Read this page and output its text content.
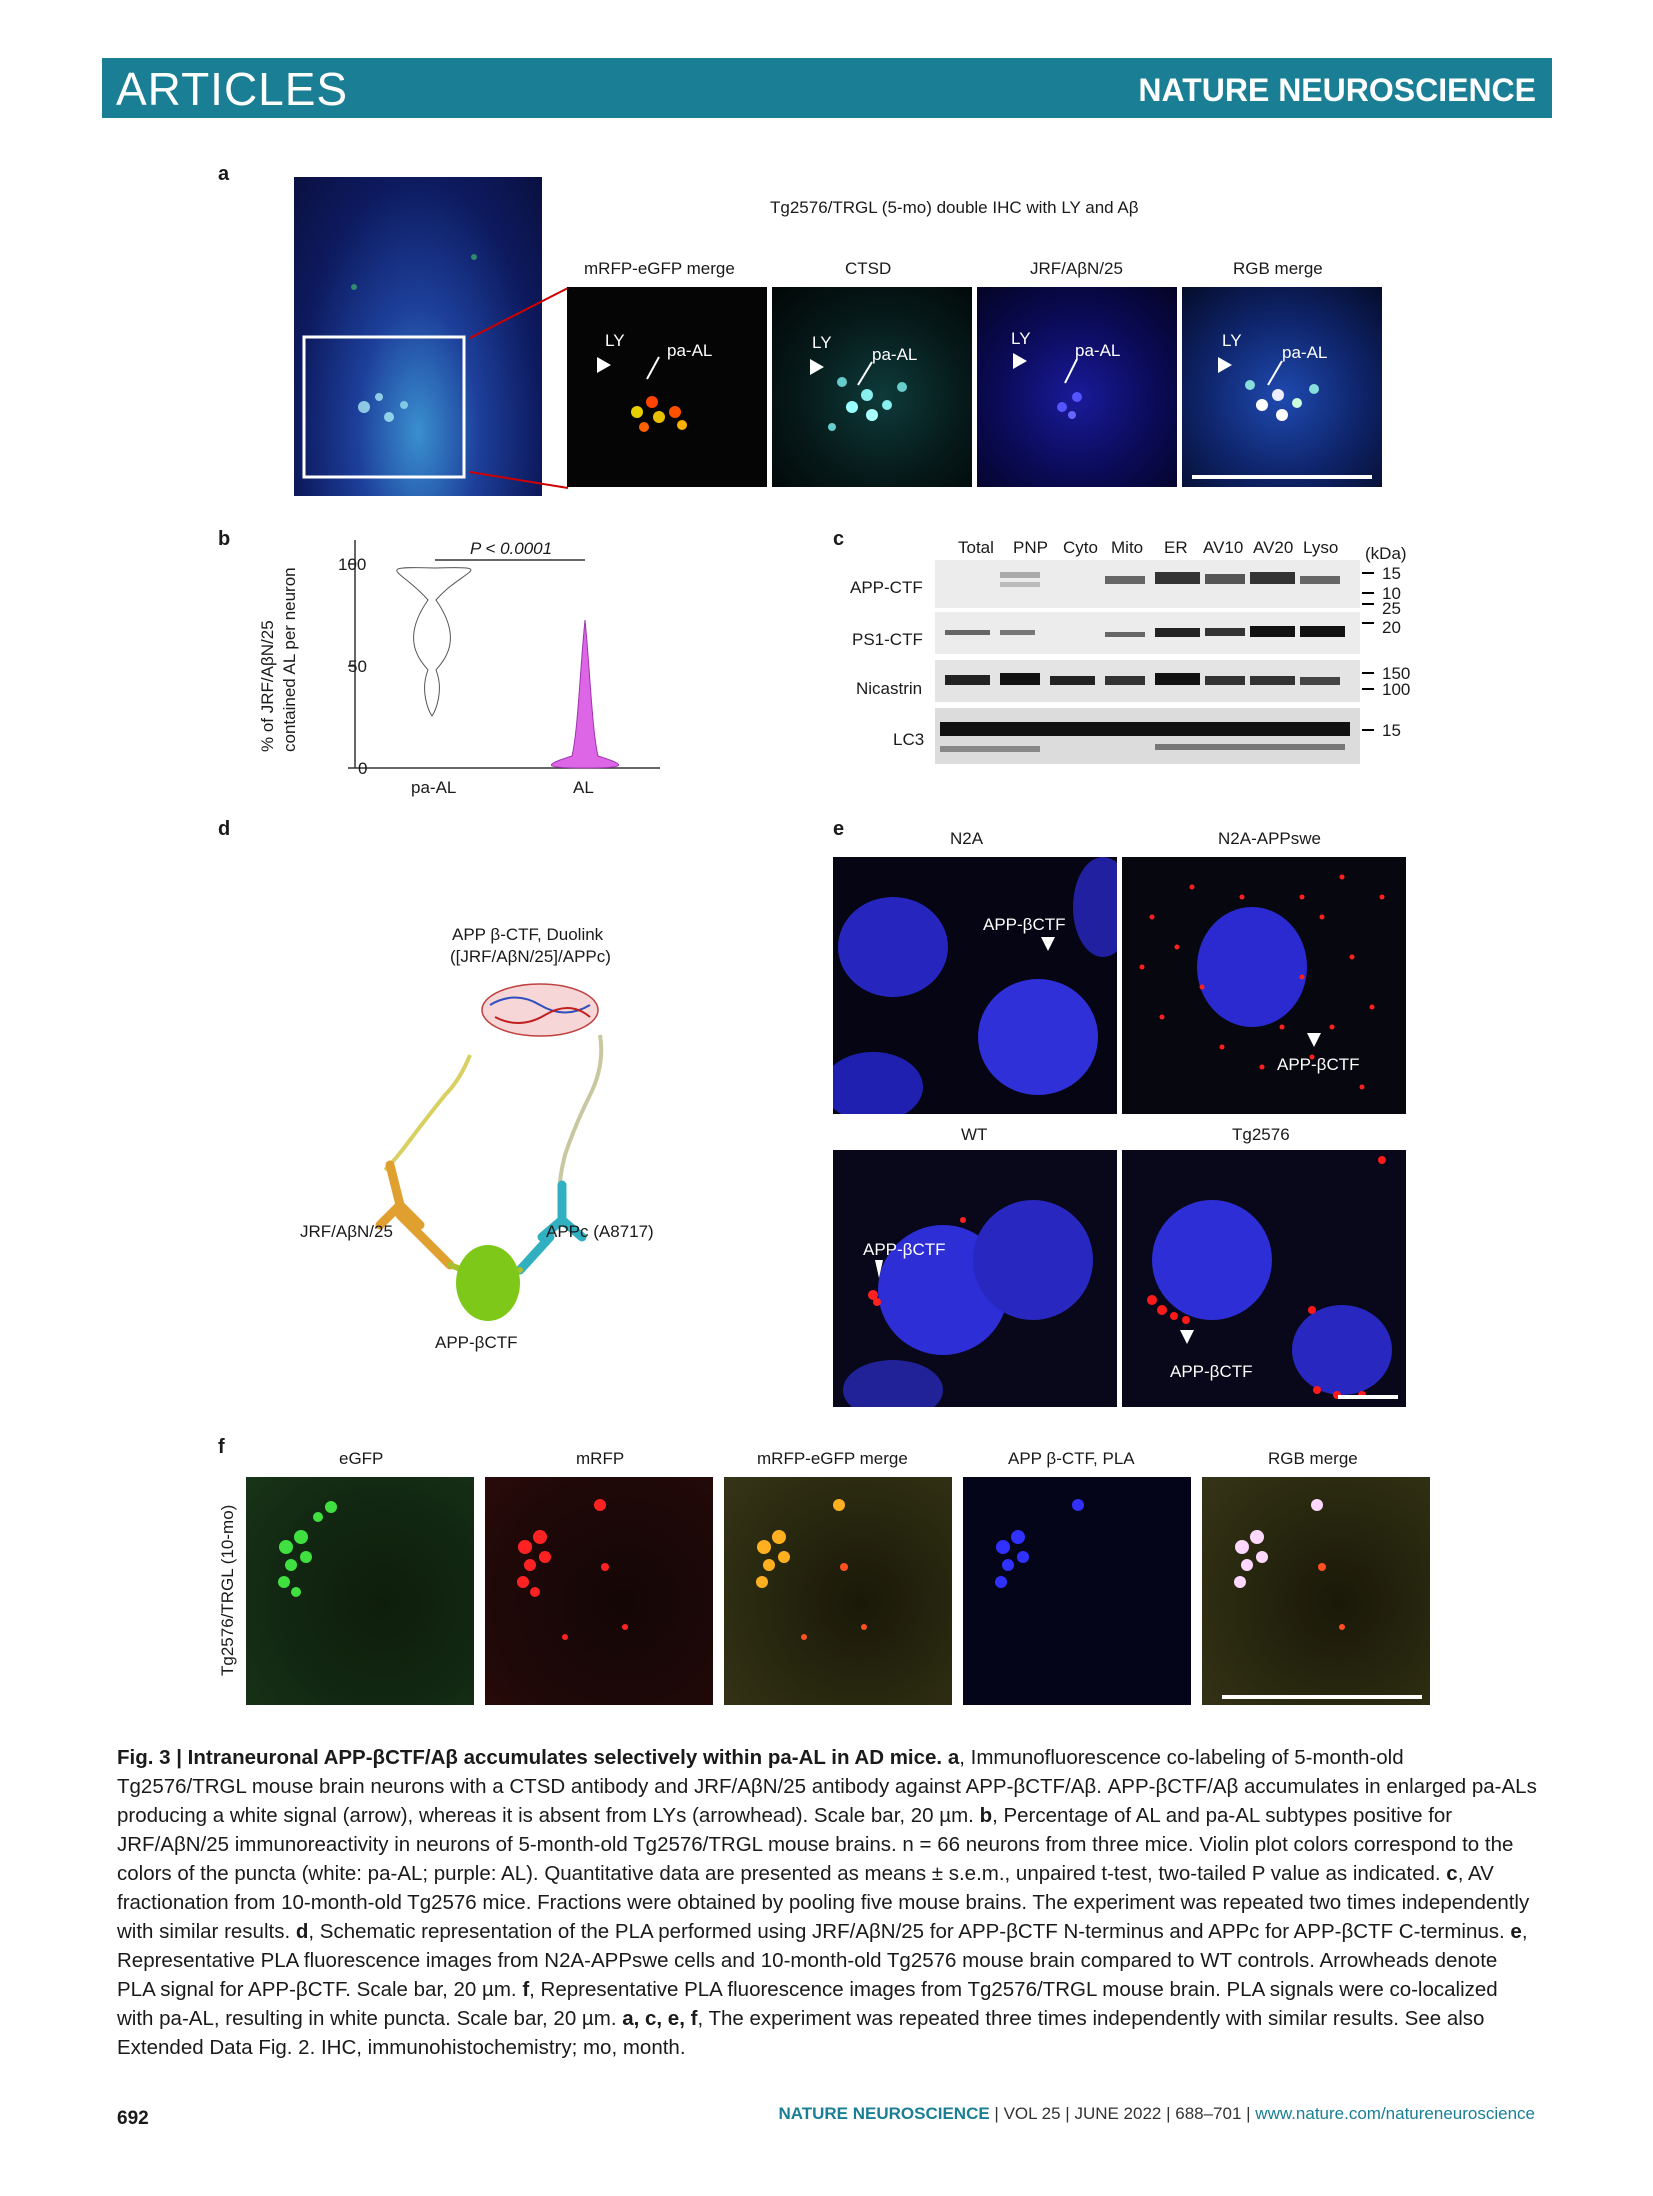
ARTICLES	NATURE NEUROSCIENCE
a
Tg2576/TRGL (5-mo) double IHC with LY and Aβ
mRFP-eGFP merge	CTSD	JRF/AβN/25	RGB merge
LY
pa-AL	LY
pa-AL
LY
pa-AL
LY
pa-AL
b
% of JRF/AβN/25 contained AL per neuron
100
50
0
pa-AL	AL
P < 0.0001	c	Total PNP Cyto Mito ER AV10 AV20 Lyso (kDa)
APP-CTF
PS1-CTF
Nicastrin
LC3
15
10
25
20
150
100
15
d
APP β-CTF, Duolink
([JRF/AβN/25]/APPc)
JRF/AβN/25	APPc (A8717)
APP-βCTF
e	N2A	N2A-APPswe
WT	Tg2576
APP-βCTF
APP-βCTF
APP-βCTF
APP-βCTF
f
Tg2576/TRGL (10-mo)
eGFP	mRFP	mRFP-eGFP merge	APP β-CTF, PLA	RGB merge
Fig. 3 | Intraneuronal APP-βCTF/Aβ accumulates selectively within pa-AL in AD mice. a, Immunofluorescence co-labeling of 5-month-old Tg2576/TRGL mouse brain neurons with a CTSD antibody and JRF/AβN/25 antibody against APP-βCTF/Aβ. APP-βCTF/Aβ accumulates in enlarged pa-ALs producing a white signal (arrow), whereas it is absent from LYs (arrowhead). Scale bar, 20 µm. b, Percentage of AL and pa-AL subtypes positive for JRF/AβN/25 immunoreactivity in neurons of 5-month-old Tg2576/TRGL mouse brains. n = 66 neurons from three mice. Violin plot colors correspond to the colors of the puncta (white: pa-AL; purple: AL). Quantitative data are presented as means ± s.e.m., unpaired t-test, two-tailed P value as indicated. c, AV fractionation from 10-month-old Tg2576 mice. Fractions were obtained by pooling five mouse brains. The experiment was repeated two times independently with similar results. d, Schematic representation of the PLA performed using JRF/AβN/25 for APP-βCTF N-terminus and APPc for APP-βCTF C-terminus. e, Representative PLA fluorescence images from N2A-APPswe cells and 10-month-old Tg2576 mouse brain compared to WT controls. Arrowheads denote PLA signal for APP-βCTF. Scale bar, 20 µm. f, Representative PLA fluorescence images from Tg2576/TRGL mouse brain. PLA signals were co-localized with pa-AL, resulting in white puncta. Scale bar, 20 µm. a, c, e, f, The experiment was repeated three times independently with similar results. See also Extended Data Fig. 2. IHC, immunohistochemistry; mo, month.
692	NATURE NEUROSCIENCE | VOL 25 | JUNE 2022 | 688–701 | www.nature.com/natureneuroscience
